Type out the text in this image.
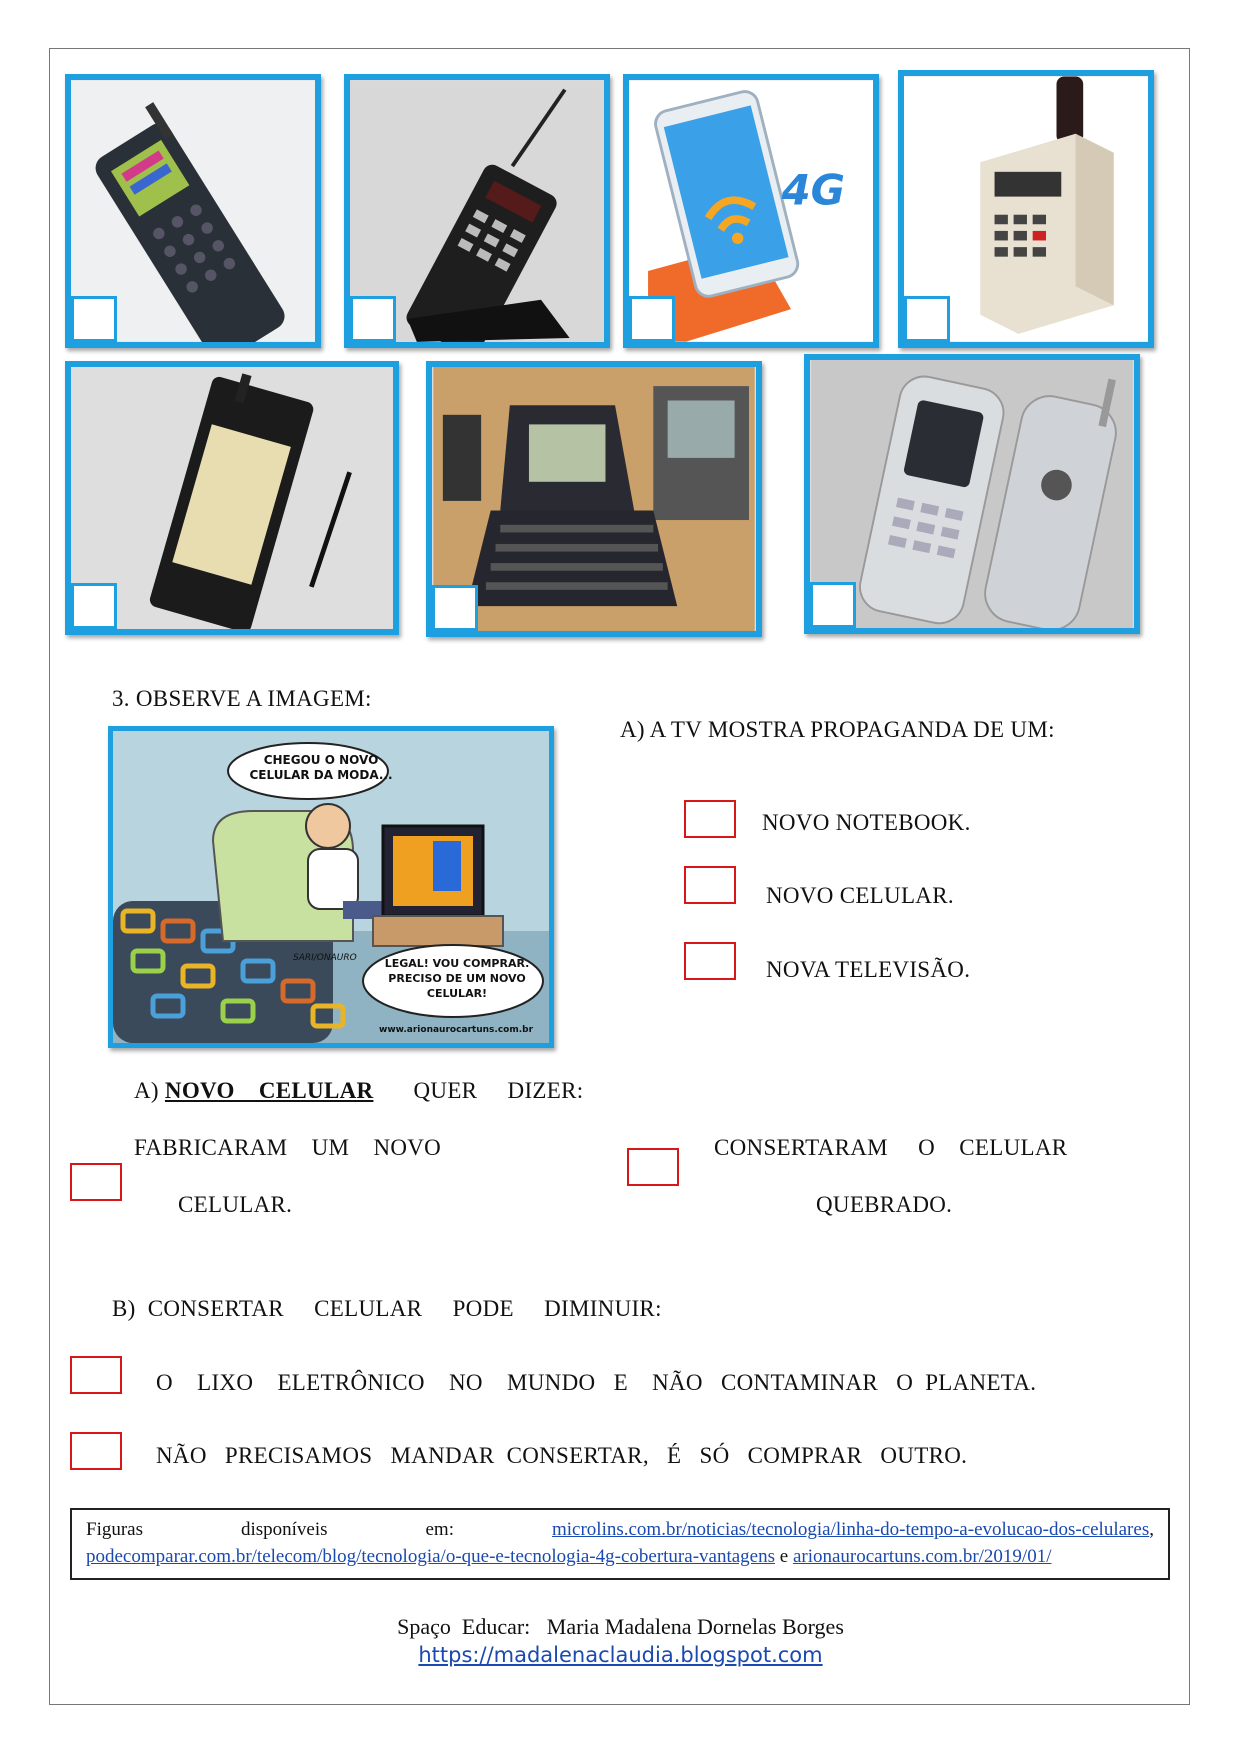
4G
3. OBSERVE A IMAGEM:
CHEGOU O NOVO CELULAR DA MODA...
LEGAL! VOU COMPRAR. PRECISO DE UM NOVO CELULAR!
SARI/ONAURO
www.arionaurocartuns.com.br
A) A TV MOSTRA PROPAGANDA DE UM:
NOVO NOTEBOOK.
NOVO CELULAR.
NOVA TELEVISÃO.
A) NOVO    CELULAR QUER     DIZER:
FABRICARAM    UM    NOVO
CELULAR.
CONSERTARAM     O    CELULAR
QUEBRADO.
B)  CONSERTAR     CELULAR     PODE     DIMINUIR:
O    LIXO    ELETRÔNICO    NO    MUNDO   E    NÃO   CONTAMINAR   O  PLANETA.
NÃO   PRECISAMOS   MANDAR  CONSERTAR,   É   SÓ   COMPRAR   OUTRO.
Figuras	disponíveis	em:	microlins.com.br/noticias/tecnologia/linha-do-tempo-a-evolucao-dos-celulares,
podecomparar.com.br/telecom/blog/tecnologia/o-que-e-tecnologia-4g-cobertura-vantagens e arionaurocartuns.com.br/2019/01/
Spaço  Educar:   Maria Madalena Dornelas Borges
https://madalenaclaudia.blogspot.com
